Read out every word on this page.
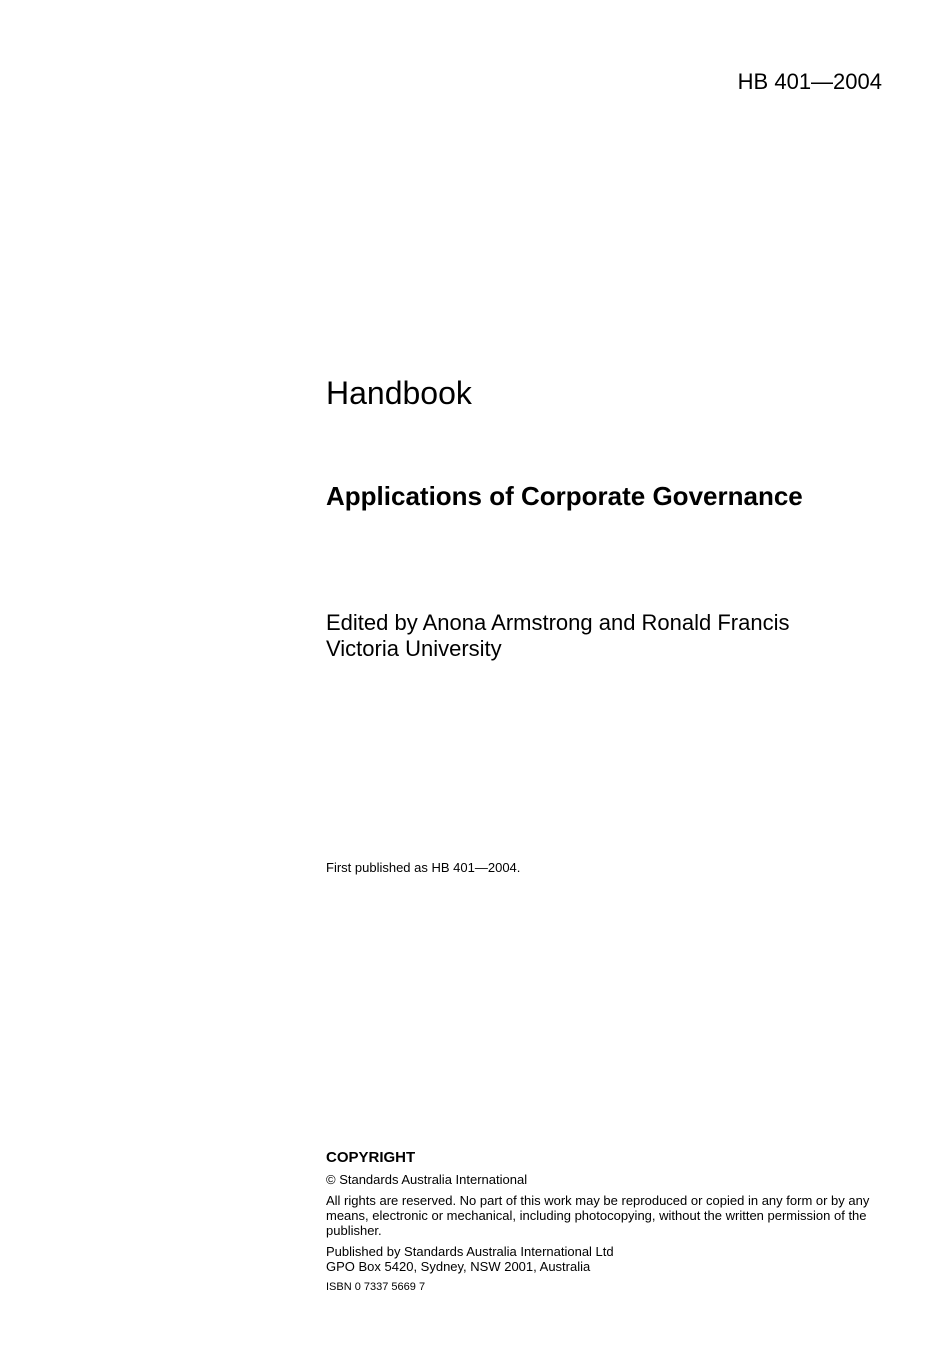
HB 401—2004
Handbook
Applications of Corporate Governance
Edited by Anona Armstrong and Ronald Francis
Victoria University
First published as HB 401—2004.
COPYRIGHT
© Standards Australia International
All rights are reserved. No part of this work may be reproduced or copied in any form or by any means, electronic or mechanical, including photocopying, without the written permission of the publisher.
Published by Standards Australia International Ltd
GPO Box 5420, Sydney, NSW 2001, Australia
ISBN 0 7337 5669 7
